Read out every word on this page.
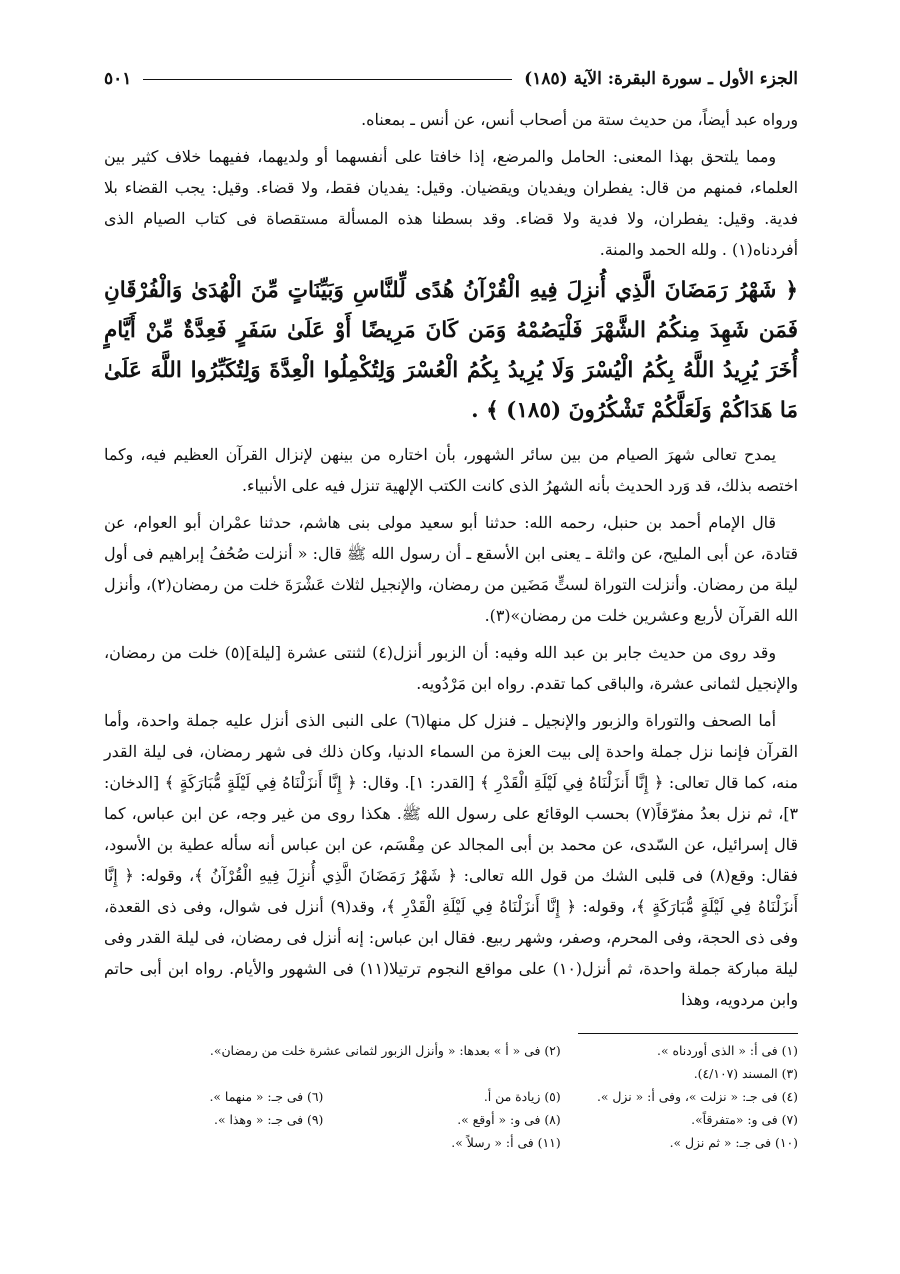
الجزء الأول ـ سورة البقرة: الآية (١٨٥)
٥٠١

ورواه عبد أيضاً، من حديث ستة من أصحاب أنس، عن أنس ـ بمعناه.

ومما يلتحق بهذا المعنى: الحامل والمرضع، إذا خافتا على أنفسهما أو ولديهما، ففيهما خلاف كثير بين العلماء، فمنهم من قال: يفطران ويفديان ويقضيان. وقيل: يفديان فقط، ولا قضاء. وقيل: يجب القضاء بلا فدية. وقيل: يفطران، ولا فدية ولا قضاء. وقد بسطنا هذه المسألة مستقصاة فى كتاب الصيام الذى أفردناه(١) . ولله الحمد والمنة.

﴿ شَهْرُ رَمَضَانَ الَّذِي أُنزِلَ فِيهِ الْقُرْآنُ هُدًى لِّلنَّاسِ وَبَيِّنَاتٍ مِّنَ الْهُدَىٰ وَالْفُرْقَانِ فَمَن شَهِدَ مِنكُمُ الشَّهْرَ فَلْيَصُمْهُ وَمَن كَانَ مَرِيضًا أَوْ عَلَىٰ سَفَرٍ فَعِدَّةٌ مِّنْ أَيَّامٍ أُخَرَ يُرِيدُ اللَّهُ بِكُمُ الْيُسْرَ وَلَا يُرِيدُ بِكُمُ الْعُسْرَ وَلِتُكْمِلُوا الْعِدَّةَ وَلِتُكَبِّرُوا اللَّهَ عَلَىٰ مَا هَدَاكُمْ وَلَعَلَّكُمْ تَشْكُرُونَ (١٨٥) ﴾ .

يمدح تعالى شهرَ الصيام من بين سائر الشهور، بأن اختاره من بينهن لإنزال القرآن العظيم فيه، وكما اختصه بذلك، قد وَرد الحديث بأنه الشهرُ الذى كانت الكتب الإلهية تنزل فيه على الأنبياء.

قال الإمام أحمد بن حنبل، رحمه الله: حدثنا أبو سعيد مولى بنى هاشم، حدثنا عمْران أبو العوام، عن قتادة، عن أبى المليح، عن واثلة ـ يعنى ابن الأسقع ـ أن رسول الله ﷺ قال: « أنزلت صُحُفُ إبراهيم فى أول ليلة من رمضان. وأنزلت التوراة لستٍّ مَضَين من رمضان، والإنجيل لثلاث عَشْرَةَ خلت من رمضان(٢)، وأنزل الله القرآن لأربع وعشرين خلت من رمضان»(٣).

وقد روى من حديث جابر بن عبد الله وفيه: أن الزبور أنزل(٤) لثنتى عشرة [ليلة](٥) خلت من رمضان، والإنجيل لثمانى عشرة، والباقى كما تقدم. رواه ابن مَرْدُويه.

أما الصحف والتوراة والزبور والإنجيل ـ فنزل كل منها(٦) على النبى الذى أنزل عليه جملة واحدة، وأما القرآن فإنما نزل جملة واحدة إلى بيت العزة من السماء الدنيا، وكان ذلك فى شهر رمضان، فى ليلة القدر منه، كما قال تعالى: ﴿ إِنَّا أَنزَلْنَاهُ فِي لَيْلَةِ الْقَدْرِ ﴾ [القدر: ١]. وقال: ﴿ إِنَّا أَنزَلْنَاهُ فِي لَيْلَةٍ مُّبَارَكَةٍ ﴾ [الدخان: ٣]، ثم نزل بعدُ مفرّقاً(٧) بحسب الوقائع على رسول الله ﷺ. هكذا روى من غير وجه، عن ابن عباس، كما قال إسرائيل، عن السّدى، عن محمد بن أبى المجالد عن مِقْسَم، عن ابن عباس أنه سأله عطية بن الأسود، فقال: وقع(٨) فى قلبى الشك من قول الله تعالى: ﴿ شَهْرُ رَمَضَانَ الَّذِي أُنزِلَ فِيهِ الْقُرْآنُ ﴾، وقوله: ﴿ إِنَّا أَنزَلْنَاهُ فِي لَيْلَةٍ مُّبَارَكَةٍ ﴾، وقوله: ﴿ إِنَّا أَنزَلْنَاهُ فِي لَيْلَةِ الْقَدْرِ ﴾، وقد(٩) أنزل فى شوال، وفى ذى القعدة، وفى ذى الحجة، وفى المحرم، وصفر، وشهر ربيع. فقال ابن عباس: إنه أنزل فى رمضان، فى ليلة القدر وفى ليلة مباركة جملة واحدة، ثم أنزل(١٠) على مواقع النجوم ترتيلا(١١) فى الشهور والأيام. رواه ابن أبى حاتم وابن مردويه، وهذا

(١) فى أ: « الذى أوردناه ».
(٢) فى « أ » بعدها: « وأنزل الزبور لثمانى عشرة خلت من رمضان».
(٣) المسند (٤/١٠٧).
(٤) فى جـ: « نزلت »، وفى أ: « نزل ».
(٥) زيادة من أ.
(٦) فى جـ: « منهما ».
(٧) فى و: «متفرقاً».
(٨) فى و: « أوقع ».
(٩) فى جـ: « وهذا ».
(١٠) فى جـ: « ثم نزل ».
(١١) فى أ: « رسلاً ».
